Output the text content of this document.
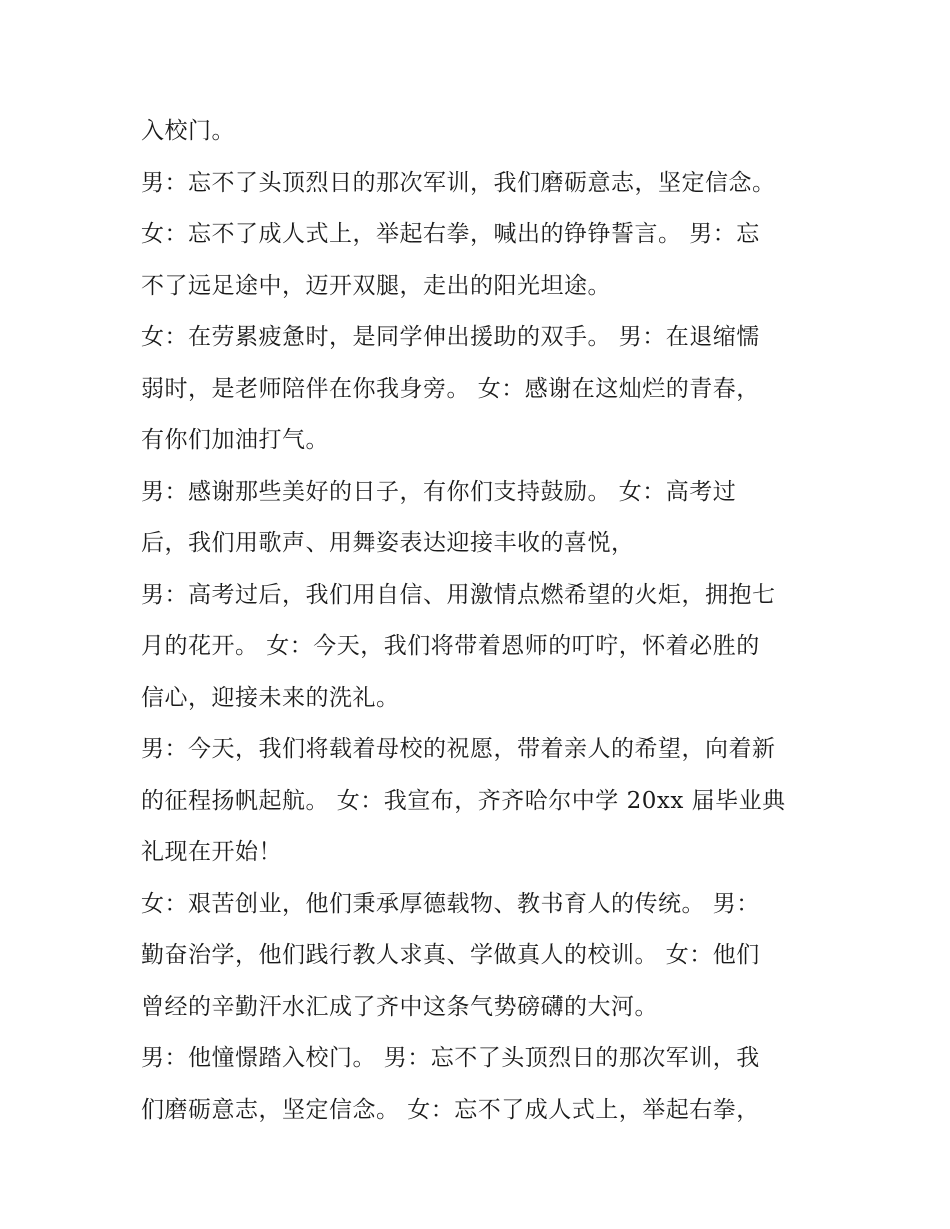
入校门。
男：忘不了头顶烈日的那次军训，我们磨砺意志，坚定信念。
女：忘不了成人式上，举起右拳，喊出的铮铮誓言。 男：忘
不了远足途中，迈开双腿，走出的阳光坦途。
女：在劳累疲惫时，是同学伸出援助的双手。 男：在退缩懦
弱时，是老师陪伴在你我身旁。 女：感谢在这灿烂的青春，
有你们加油打气。
男：感谢那些美好的日子，有你们支持鼓励。 女：高考过
后，我们用歌声、用舞姿表达迎接丰收的喜悦，
男：高考过后，我们用自信、用激情点燃希望的火炬，拥抱七
月的花开。 女：今天，我们将带着恩师的叮咛，怀着必胜的
信心，迎接未来的洗礼。
男：今天，我们将载着母校的祝愿，带着亲人的希望，向着新
的征程扬帆起航。 女：我宣布，齐齐哈尔中学 20xx 届毕业典
礼现在开始！
女：艰苦创业，他们秉承厚德载物、教书育人的传统。 男：
勤奋治学，他们践行教人求真、学做真人的校训。 女：他们
曾经的辛勤汗水汇成了齐中这条气势磅礴的大河。
男：他憧憬踏入校门。 男：忘不了头顶烈日的那次军训，我
们磨砺意志，坚定信念。 女：忘不了成人式上，举起右拳，
